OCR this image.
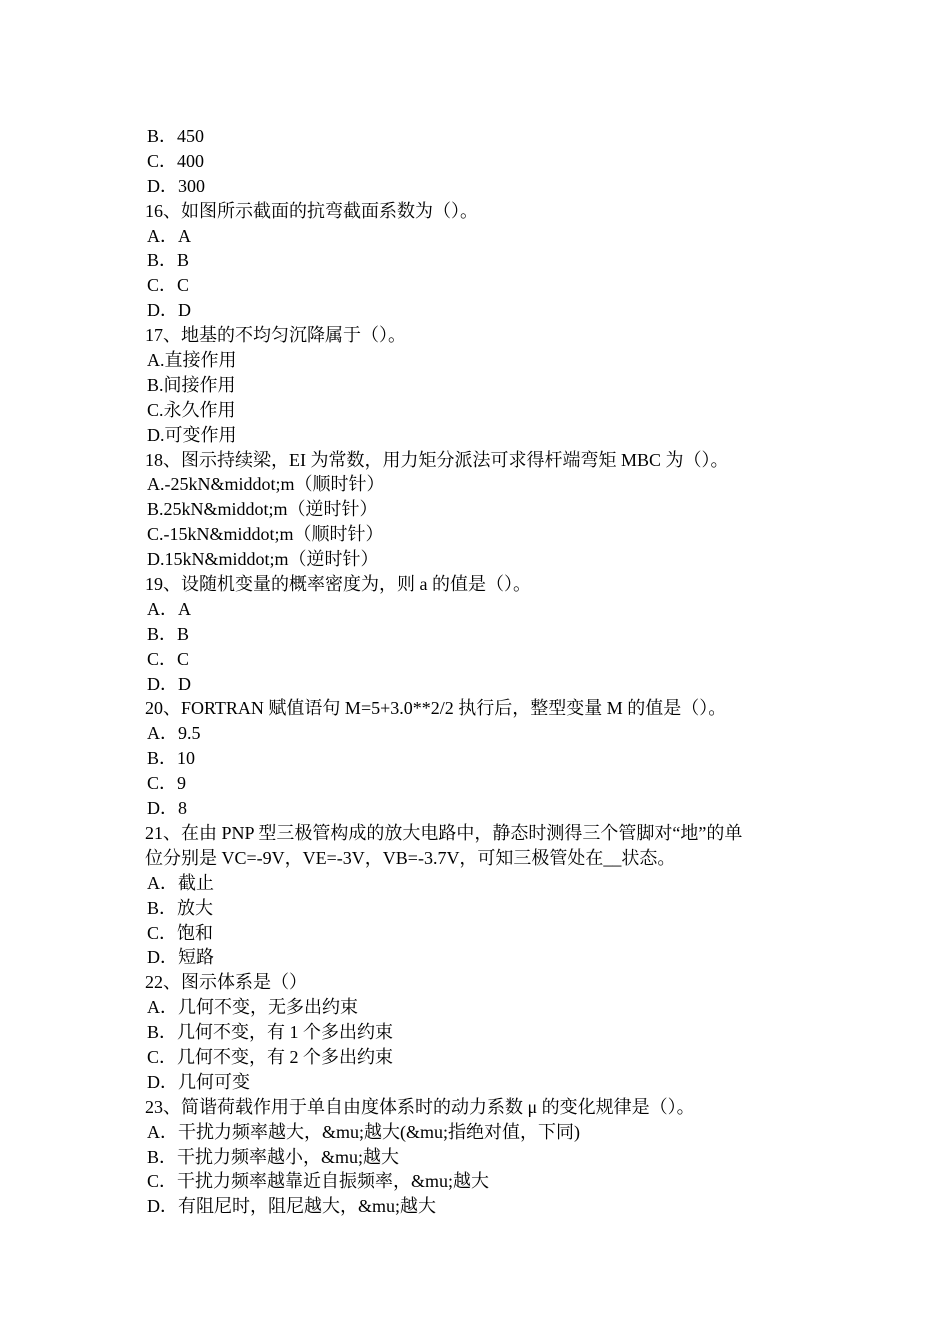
B．450
C．400
D．300
16、如图所示截面的抗弯截面系数为（）。
A．A
B．B
C．C
D．D
17、地基的不均匀沉降属于（）。
A.直接作用
B.间接作用
C.永久作用
D.可变作用
18、图示持续梁，EI 为常数，用力矩分派法可求得杆端弯矩 MBC 为（）。
A.-25kN&middot;m（顺时针）
B.25kN&middot;m（逆时针）
C.-15kN&middot;m（顺时针）
D.15kN&middot;m（逆时针）
19、设随机变量的概率密度为，则 a 的值是（）。
A．A
B．B
C．C
D．D
20、FORTRAN 赋值语句 M=5+3.0**2/2 执行后，整型变量 M 的值是（）。
A．9.5
B．10
C．9
D．8
21、在由 PNP 型三极管构成的放大电路中，静态时测得三个管脚对“地”的单
位分别是 VC=-9V，VE=-3V，VB=-3.7V，可知三极管处在__状态。
A．截止
B．放大
C．饱和
D．短路
22、图示体系是（）
A．几何不变，无多出约束
B．几何不变，有 1 个多出约束
C．几何不变，有 2 个多出约束
D．几何可变
23、简谐荷载作用于单自由度体系时的动力系数 μ 的变化规律是（）。
A．干扰力频率越大，&mu;越大(&mu;指绝对值，下同)
B．干扰力频率越小，&mu;越大
C．干扰力频率越靠近自振频率，&mu;越大
D．有阻尼时，阻尼越大，&mu;越大
